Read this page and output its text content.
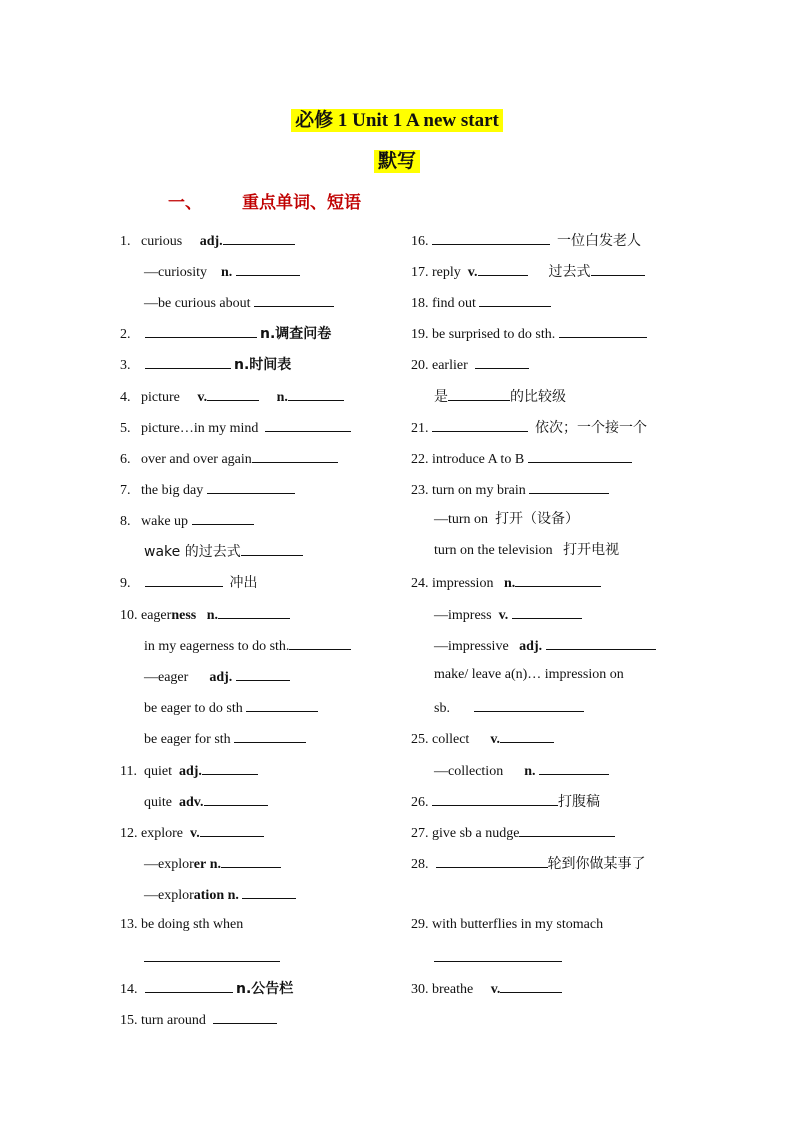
必修 1 Unit 1 A new start
默写
一、 重点单词、短语
1. curious adj.
—curiosity n.
—be curious about
2.	n.调查问卷
3.	n.时间表
4. picture v.	n.
5. picture…in my mind
6. over and over again
7. the big day
8. wake up
wake 的过去式
9.	冲出
10. eagerness n.
in my eagerness to do sth.
—eager adj.
be eager to do sth
be eager for sth
11. quiet adj.
quite adv.
12. explore v.
—explorer n.
—exploration n.
13. be doing sth when
14.	n.公告栏
15. turn around
16.	一位白发老人
17. reply v.	过去式
18. find out
19. be surprised to do sth.
20. earlier
是	的比较级
21.	依次；一个接一个
22. introduce A to B
23. turn on my brain
—turn on 打开（设备）
turn on the television 打开电视
24. impression n.
—impress v.
—impressive adj.
make/ leave a(n)… impression on
sb.
25. collect v.
—collection n.
26.	打腹稿
27. give sb a nudge
28.	轮到你做某事了
29. with butterflies in my stomach
30. breathe v.
